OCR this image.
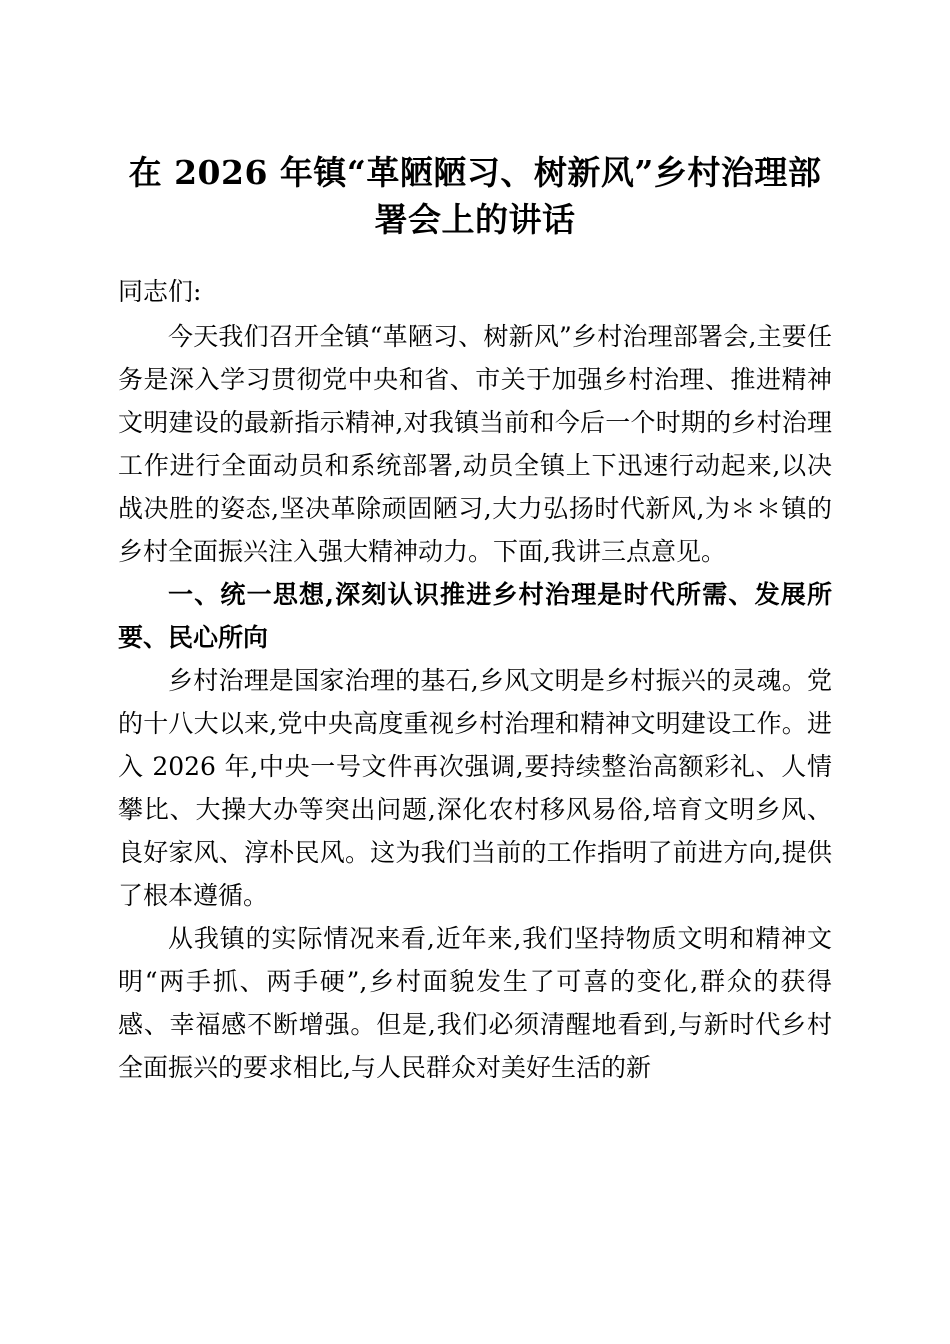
在 2026 年镇“革陋陋习、树新风”乡村治理部署会上的讲话

同志们:

今天我们召开全镇“革陋习、树新风”乡村治理部署会,主要任务是深入学习贯彻党中央和省、市关于加强乡村治理、推进精神文明建设的最新指示精神,对我镇当前和今后一个时期的乡村治理工作进行全面动员和系统部署,动员全镇上下迅速行动起来,以决战决胜的姿态,坚决革除顽固陋习,大力弘扬时代新风,为＊＊镇的乡村全面振兴注入强大精神动力。下面,我讲三点意见。

一、统一思想,深刻认识推进乡村治理是时代所需、发展所要、民心所向

乡村治理是国家治理的基石,乡风文明是乡村振兴的灵魂。党的十八大以来,党中央高度重视乡村治理和精神文明建设工作。进入 2026 年,中央一号文件再次强调,要持续整治高额彩礼、人情攀比、大操大办等突出问题,深化农村移风易俗,培育文明乡风、良好家风、淳朴民风。这为我们当前的工作指明了前进方向,提供了根本遵循。

从我镇的实际情况来看,近年来,我们坚持物质文明和精神文明“两手抓、两手硬”,乡村面貌发生了可喜的变化,群众的获得感、幸福感不断增强。但是,我们必须清醒地看到,与新时代乡村全面振兴的要求相比,与人民群众对美好生活的新
